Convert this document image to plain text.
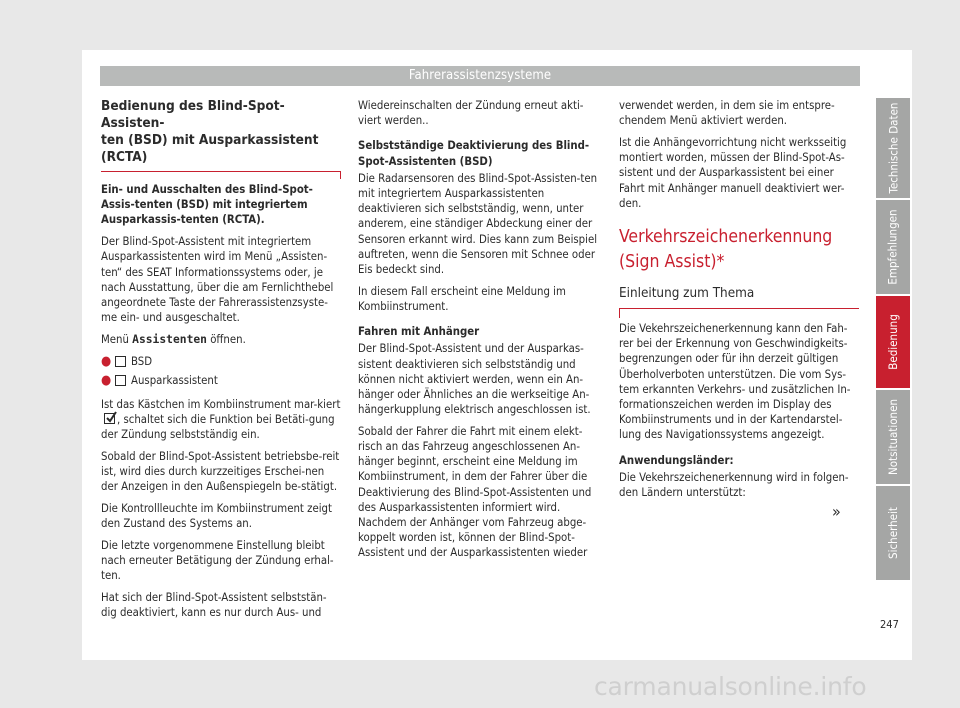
Fahrerassistenzsysteme
Bedienung des Blind-Spot-Assisten-
ten (BSD) mit Ausparkassistent (RCTA)

Ein- und Ausschalten des Blind-Spot-Assis-tenten (BSD) mit integriertem Ausparkassis-tenten (RCTA).

Der Blind-Spot-Assistent mit integriertem Ausparkassistenten wird im Menü „Assisten-ten“ des SEAT Informationssystems oder, je nach Ausstattung, über die am Fernlichthebel angeordnete Taste der Fahrerassistenzsyste-me ein- und ausgeschaltet.

Menü Assistenten öffnen.

●	BSD
●	Ausparkassistent

Ist das Kästchen im Kombiinstrument mar-kiert
, schaltet sich die Funktion bei Betäti-gung der Zündung selbstständig ein.

Sobald der Blind-Spot-Assistent betriebsbe-reit ist, wird dies durch kurzzeitiges Erschei-nen der Anzeigen in den Außenspiegeln be-stätigt.

Die Kontrollleuchte im Kombiinstrument zeigt den Zustand des Systems an.

Die letzte vorgenommene Einstellung bleibt nach erneuter Betätigung der Zündung erhal-ten.

Hat sich der Blind-Spot-Assistent selbststän-dig deaktiviert, kann es nur durch Aus- und

Wiedereinschalten der Zündung erneut akti-viert werden..

Selbstständige Deaktivierung des Blind-Spot-Assistenten (BSD)

Die Radarsensoren des Blind-Spot-Assisten-ten mit integriertem Ausparkassistenten deaktivieren sich selbstständig, wenn, unter anderem, eine ständiger Abdeckung einer der Sensoren erkannt wird. Dies kann zum Beispiel auftreten, wenn die Sensoren mit Schnee oder Eis bedeckt sind.

In diesem Fall erscheint eine Meldung im Kombiinstrument.

Fahren mit Anhänger

Der Blind-Spot-Assistent und der Ausparkas-sistent deaktivieren sich selbstständig und können nicht aktiviert werden, wenn ein An-hänger oder Ähnliches an die werkseitige An-hängerkupplung elektrisch angeschlossen ist.

Sobald der Fahrer die Fahrt mit einem elekt-risch an das Fahrzeug angeschlossenen An-hänger beginnt, erscheint eine Meldung im Kombiinstrument, in dem der Fahrer über die Deaktivierung des Blind-Spot-Assistenten und des Ausparkassistenten informiert wird. Nachdem der Anhänger vom Fahrzeug abge-koppelt worden ist, können der Blind-Spot-Assistent und der Ausparkassistenten wieder

verwendet werden, in dem sie im entspre-chendem Menü aktiviert werden.

Ist die Anhängevorrichtung nicht werksseitig montiert worden, müssen der Blind-Spot-As-sistent und der Ausparkassistent bei einer Fahrt mit Anhänger manuell deaktiviert wer-den.

Verkehrszeichenerkennung
(Sign Assist)*
Einleitung zum Thema

Die Vekehrszeichenerkennung kann den Fah-rer bei der Erkennung von Geschwindigkeits-begrenzungen oder für ihn derzeit gültigen Überholverboten unterstützen. Die vom Sys-tem erkannten Verkehrs- und zusätzlichen In-formationszeichen werden im Display des Kombiinstruments und in der Kartendarstel-lung des Navigationssystems angezeigt.

Anwendungsländer:

Die Vekehrszeichenerkennung wird in folgen-den Ländern unterstützt:

»
247
Technische Daten
Empfehlungen
Bedienung
Notsituationen
Sicherheit
carmanualsonline.info
